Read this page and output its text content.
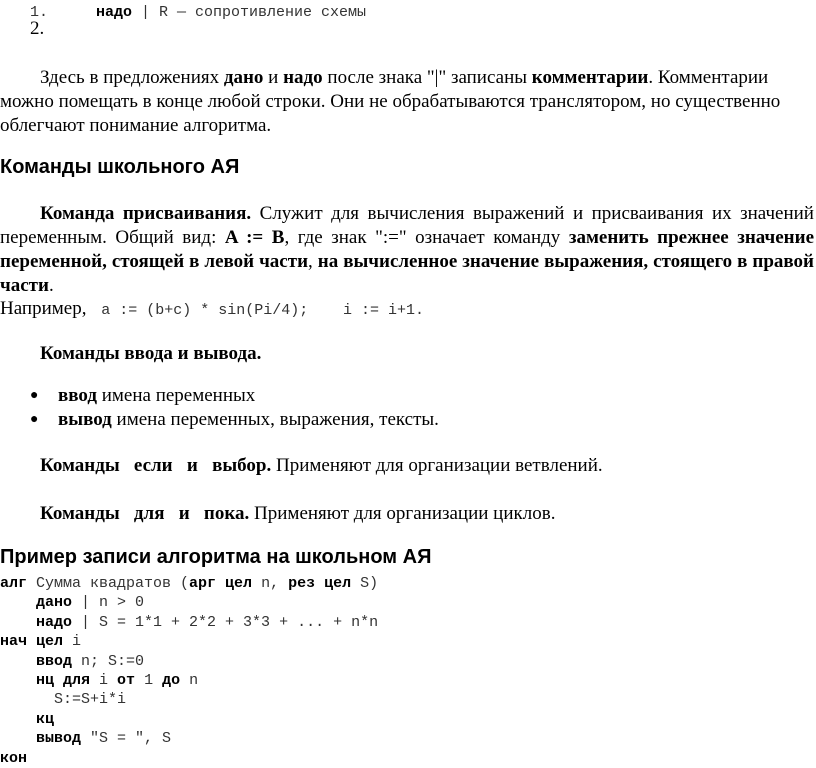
1.	надо | R — сопротивление схемы
2.
Здесь в предложениях дано и надо после знака "|" записаны комментарии. Комментарии можно помещать в конце любой строки. Они не обрабатываются транслятором, но существенно облегчают понимание алгоритма.
Команды школьного АЯ
Команда присваивания. Служит для вычисления выражений и присваивания их значений переменным. Общий вид: A := B, где знак ":=" означает команду заменить прежнее значение переменной, стоящей в левой части, на вычисленное значение выражения, стоящего в правой части.
Например, a := (b+c) * sin(Pi/4); i := i+1.
Команды ввода и вывода.
● ввод имена переменных
● вывод имена переменных, выражения, тексты.
Команды   если   и   выбор. Применяют для организации ветвлений.
Команды   для   и   пока. Применяют для организации циклов.
Пример записи алгоритма на школьном АЯ
алг Сумма квадратов (арг цел n, рез цел S)
дано | n > 0
надо | S = 1*1 + 2*2 + 3*3 + ... + n*n
нач цел i
ввод n; S:=0
нц для i от 1 до n
S:=S+i*i
кц
вывод "S = ", S
кон
